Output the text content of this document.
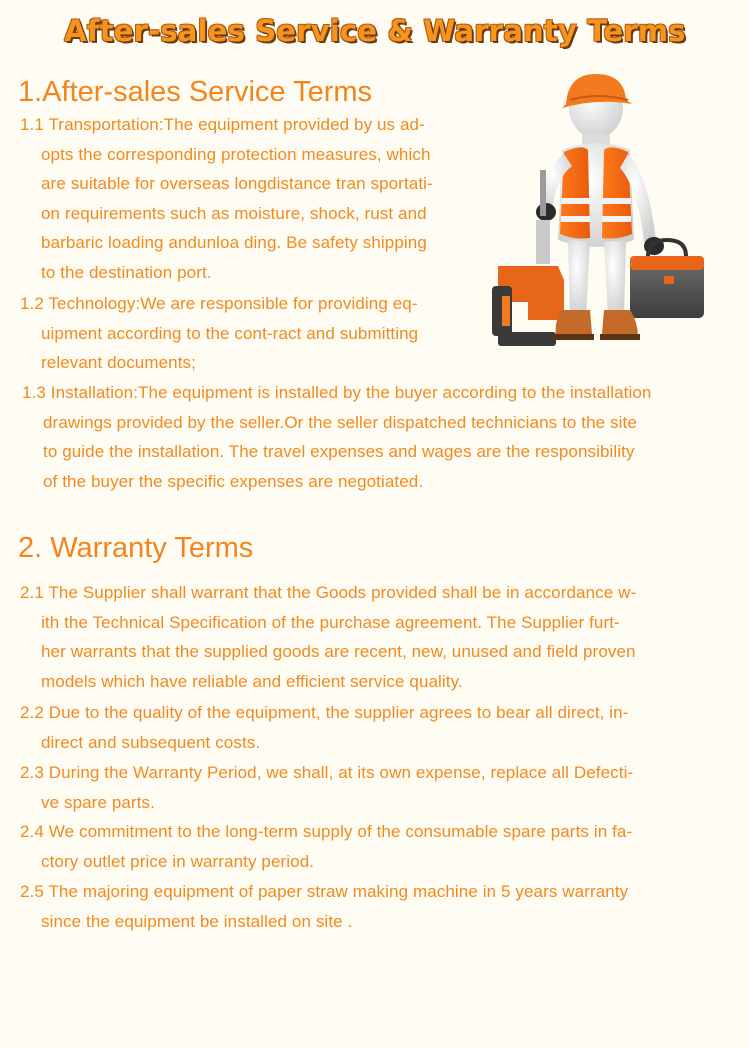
After-sales Service & Warranty Terms
1.After-sales Service Terms
1.1 Transportation:The equipment provided by us ad-
opts the corresponding protection measures, which
are suitable for overseas longdistance tran sportati-
on requirements such as moisture, shock, rust and
barbaric loading andunloa ding. Be safety shipping
to the destination port.
1.2 Technology:We are responsible for providing eq-
uipment according to the cont-ract and submitting
relevant documents;
1.3 Installation:The equipment is installed by the buyer according to the installation
drawings provided by the seller.Or the seller dispatched technicians to the site
to guide the installation. The travel expenses and wages are the responsibility
of the buyer the specific expenses are negotiated.
2. Warranty Terms
2.1 The Supplier shall warrant that the Goods provided shall be in accordance w-
ith the Technical Specification of the purchase agreement. The Supplier furt-
her warrants that the supplied goods are recent, new, unused and field proven
models which have reliable and efficient service quality.
2.2 Due to the quality of the equipment, the supplier agrees to bear all direct, in-
direct and subsequent costs.
2.3 During the Warranty Period, we shall, at its own expense, replace all Defecti-
ve spare parts.
2.4 We commitment to the long-term supply of the consumable spare parts in fa-
ctory outlet price in warranty period.
2.5 The majoring equipment of paper straw making machine in 5 years warranty
since the equipment be installed on site .
